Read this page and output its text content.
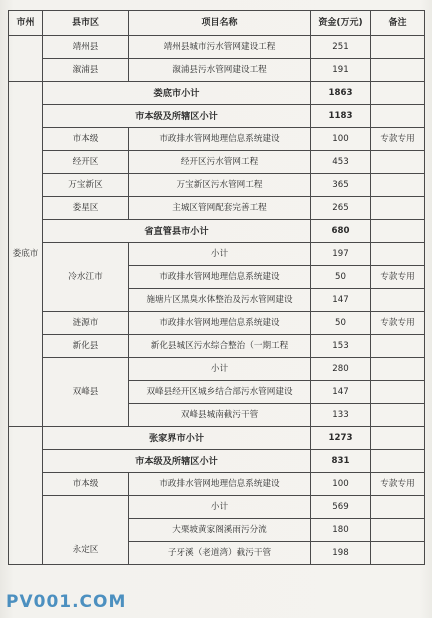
市州	县市区	项目名称	资金(万元)	备注
	靖州县	靖州县城市污水管网建设工程	251	
	溆浦县	溆浦县污水管网建设工程	191	
娄底市	娄底市小计		1863	
	市本级及所辖区小计		1183	
	市本级	市政排水管网地理信息系统建设	100	专款专用
	经开区	经开区污水管网工程	453	
	万宝新区	万宝新区污水管网工程	365	
	娄星区	主城区管网配套完善工程	265	
	省直管县市小计		680	
	冷水江市	小计	197	
		市政排水管网地理信息系统建设	50	专款专用
		施塘片区黑臭水体整治及污水管网建设	147	
	涟源市	市政排水管网地理信息系统建设	50	专款专用
	新化县	新化县城区污水综合整治（一期工程	153	
	双峰县	小计	280	
		双峰县经开区城乡结合部污水管网建设	147	
		双峰县城南截污干管	133	
	张家界市小计		1273	
	市本级及所辖区小计		831	
	市本级	市政排水管网地理信息系统建设	100	专款专用
	永定区	小计	569	
		大栗坡黄家阁溪雨污分流	180	
		子牙溪（老道湾）截污干管	198	
PV001.COM
